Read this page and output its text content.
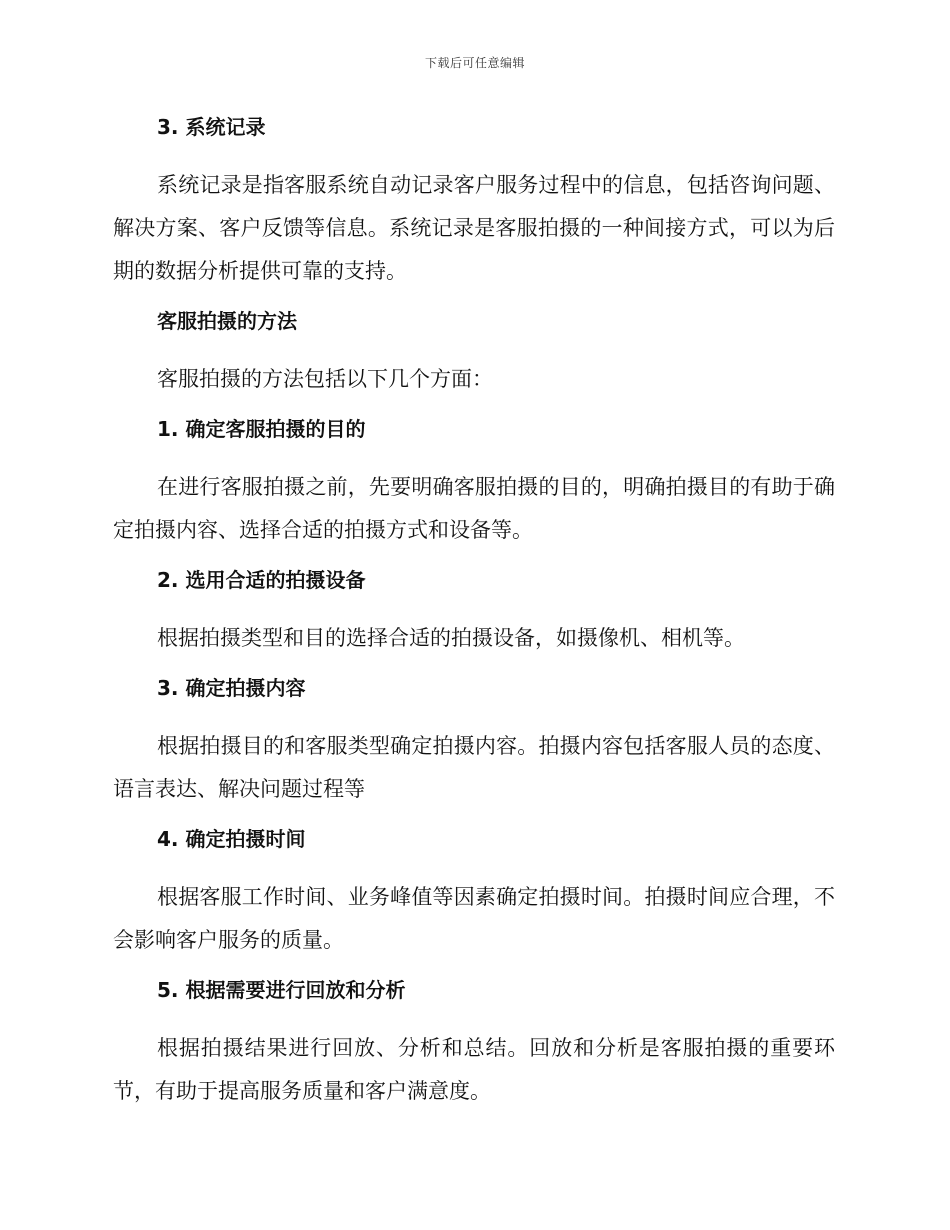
下载后可任意编辑
3. 系统记录
系统记录是指客服系统自动记录客户服务过程中的信息，包括咨询问题、解决方案、客户反馈等信息。系统记录是客服拍摄的一种间接方式，可以为后期的数据分析提供可靠的支持。
客服拍摄的方法
客服拍摄的方法包括以下几个方面：
1. 确定客服拍摄的目的
在进行客服拍摄之前，先要明确客服拍摄的目的，明确拍摄目的有助于确定拍摄内容、选择合适的拍摄方式和设备等。
2. 选用合适的拍摄设备
根据拍摄类型和目的选择合适的拍摄设备，如摄像机、相机等。
3. 确定拍摄内容
根据拍摄目的和客服类型确定拍摄内容。拍摄内容包括客服人员的态度、语言表达、解决问题过程等
4. 确定拍摄时间
根据客服工作时间、业务峰值等因素确定拍摄时间。拍摄时间应合理，不会影响客户服务的质量。
5. 根据需要进行回放和分析
根据拍摄结果进行回放、分析和总结。回放和分析是客服拍摄的重要环节，有助于提高服务质量和客户满意度。
